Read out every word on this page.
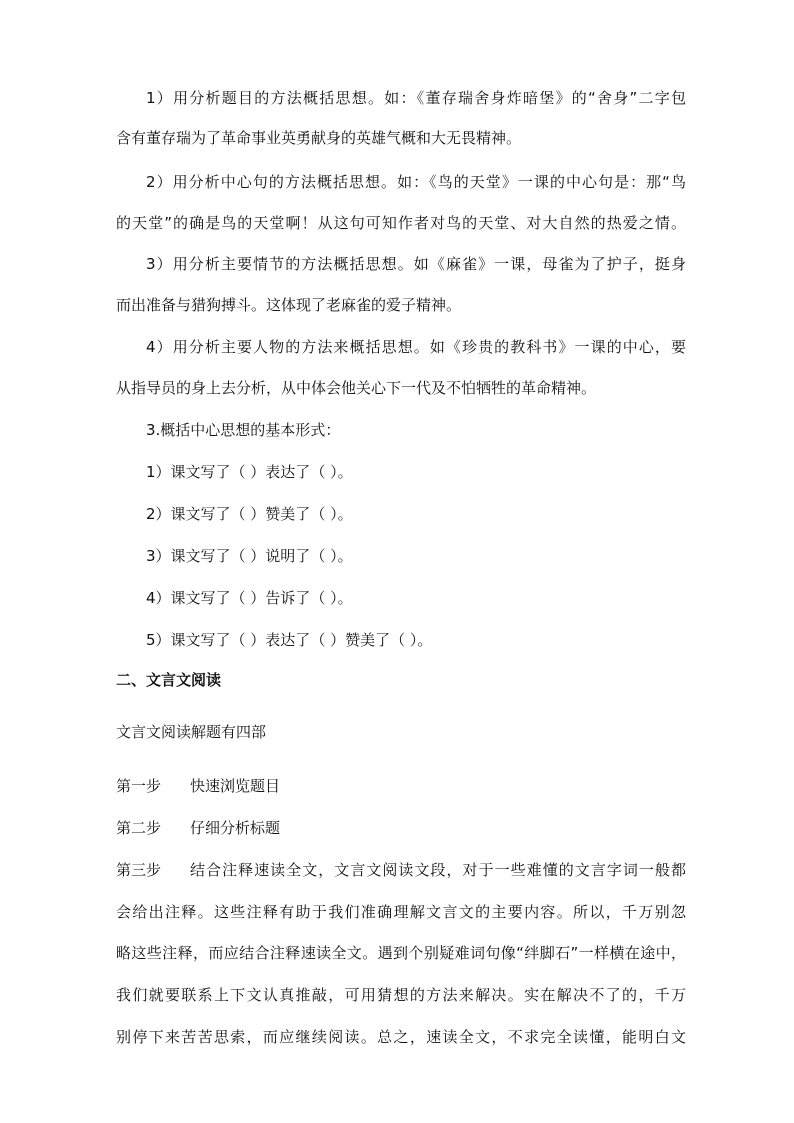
1）用分析题目的方法概括思想。如：《董存瑞舍身炸暗堡》的“舍身”二字包
含有董存瑞为了革命事业英勇献身的英雄气概和大无畏精神。
2）用分析中心句的方法概括思想。如：《鸟的天堂》一课的中心句是：那“鸟
的天堂”的确是鸟的天堂啊！从这句可知作者对鸟的天堂、对大自然的热爱之情。
3）用分析主要情节的方法概括思想。如《麻雀》一课，母雀为了护子，挺身
而出准备与猎狗搏斗。这体现了老麻雀的爱子精神。
4）用分析主要人物的方法来概括思想。如《珍贵的教科书》一课的中心，要
从指导员的身上去分析，从中体会他关心下一代及不怕牺牲的革命精神。
3.概括中心思想的基本形式：
1）课文写了（ ）表达了（ ）。
2）课文写了（ ）赞美了（ ）。
3）课文写了（ ）说明了（ ）。
4）课文写了（ ）告诉了（ ）。
5）课文写了（ ）表达了（ ）赞美了（ ）。
二、文言文阅读
文言文阅读解题有四部
第一步	快速浏览题目
第二步	仔细分析标题
第三步	结合注释速读全文，文言文阅读文段，对于一些难懂的文言字词一般都
会给出注释。这些注释有助于我们准确理解文言文的主要内容。所以，千万别忽
略这些注释，而应结合注释速读全文。遇到个别疑难词句像“绊脚石”一样横在途中，
我们就要联系上下文认真推敲，可用猜想的方法来解决。实在解决不了的，千万
别停下来苦苦思索，而应继续阅读。总之，速读全文，不求完全读懂，能明白文
